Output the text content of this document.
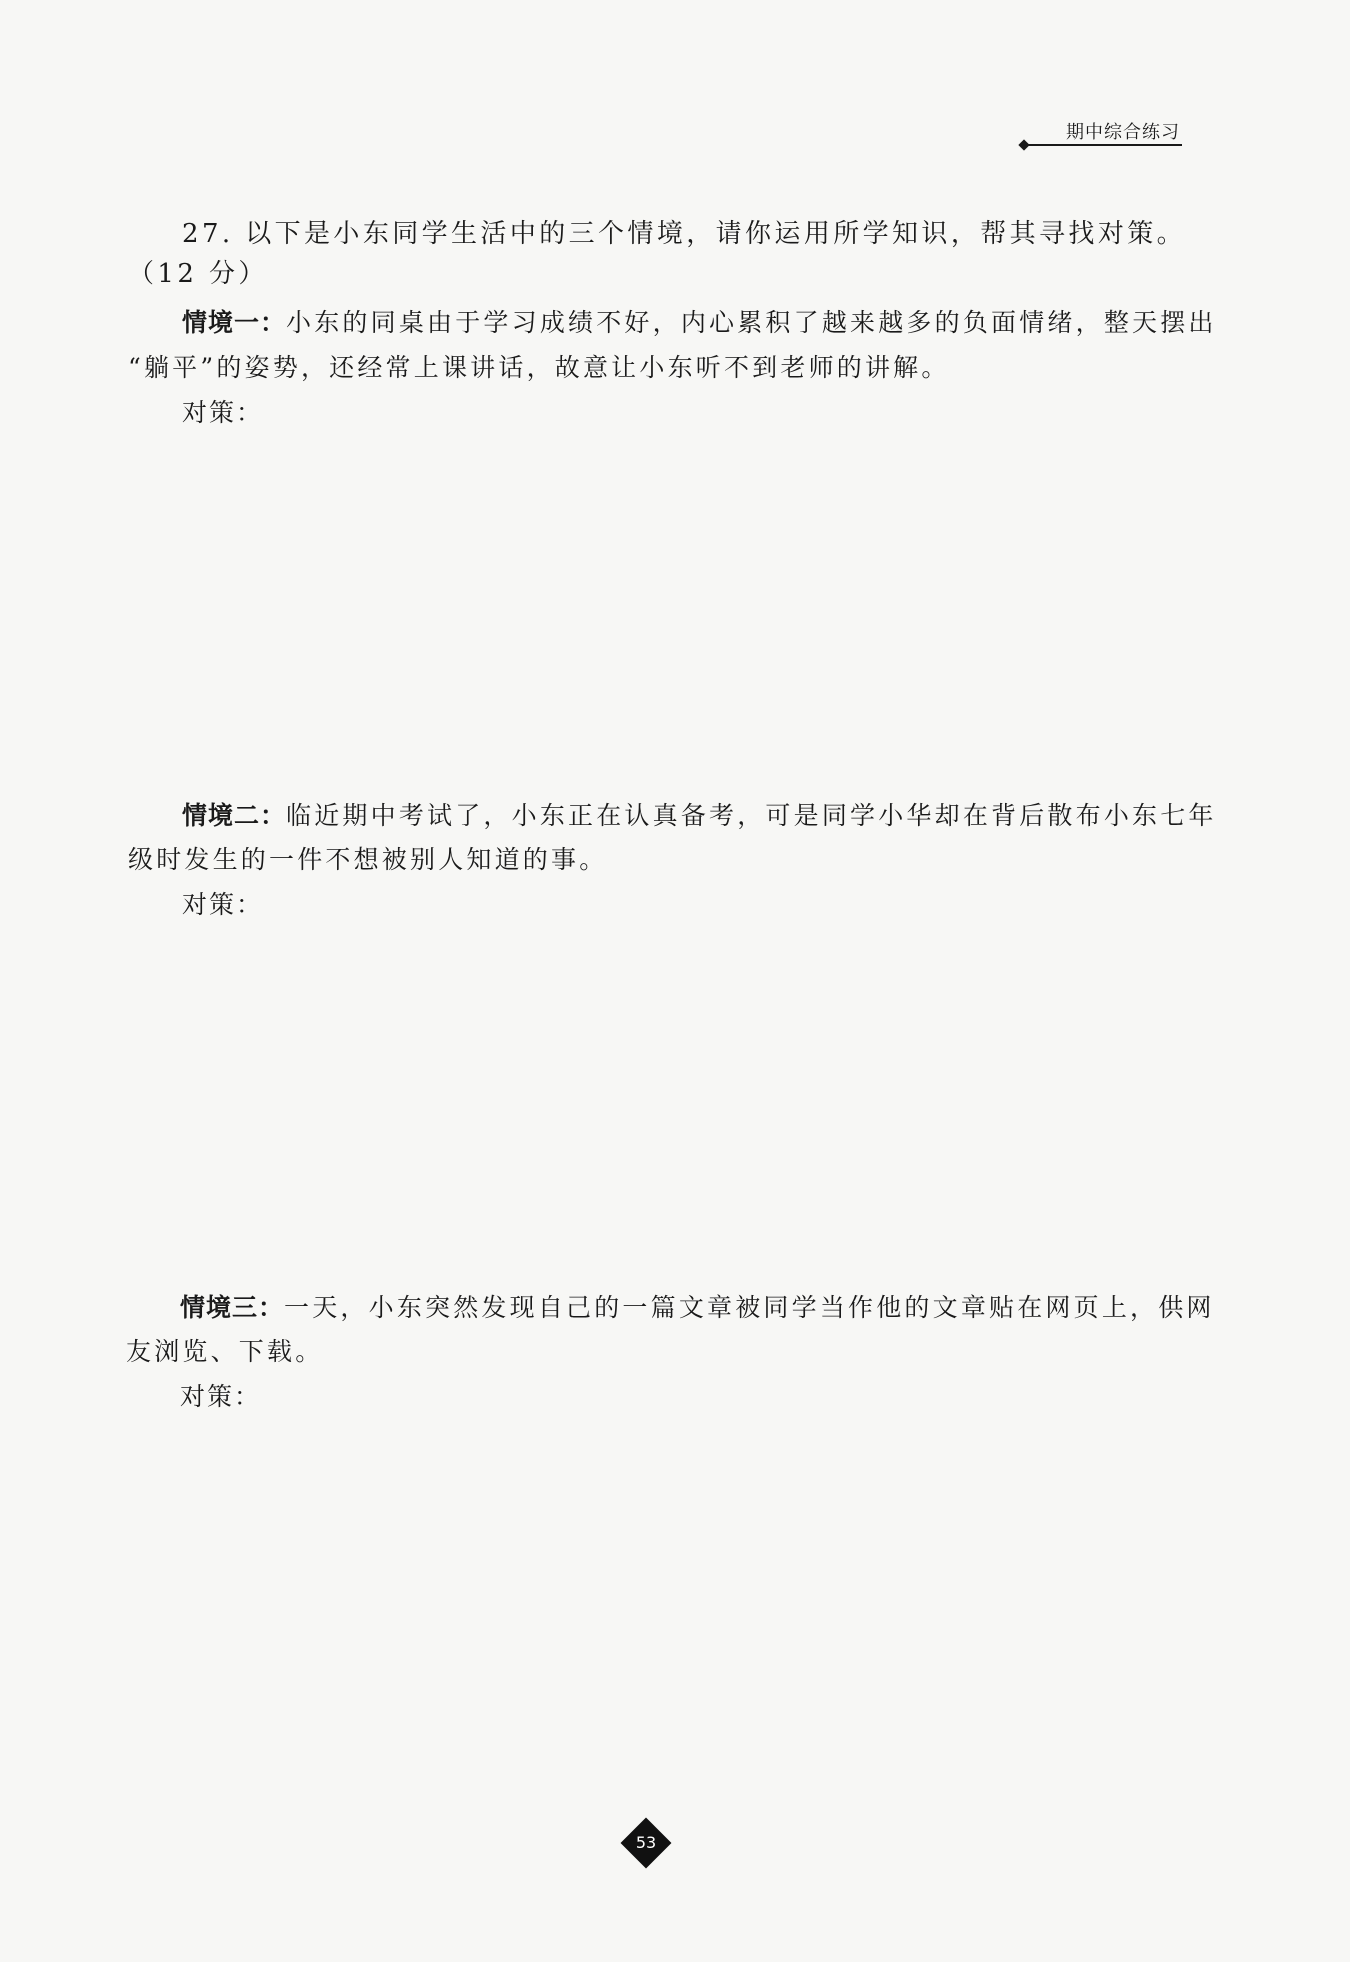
期中综合练习
27. 以下是小东同学生活中的三个情境，请你运用所学知识，帮其寻找对策。
（12 分）
情境一：小东的同桌由于学习成绩不好，内心累积了越来越多的负面情绪，整天摆出
“躺平”的姿势，还经常上课讲话，故意让小东听不到老师的讲解。
对策：
情境二：临近期中考试了，小东正在认真备考，可是同学小华却在背后散布小东七年
级时发生的一件不想被别人知道的事。
对策：
情境三：一天，小东突然发现自己的一篇文章被同学当作他的文章贴在网页上，供网
友浏览、下载。
对策：
53
